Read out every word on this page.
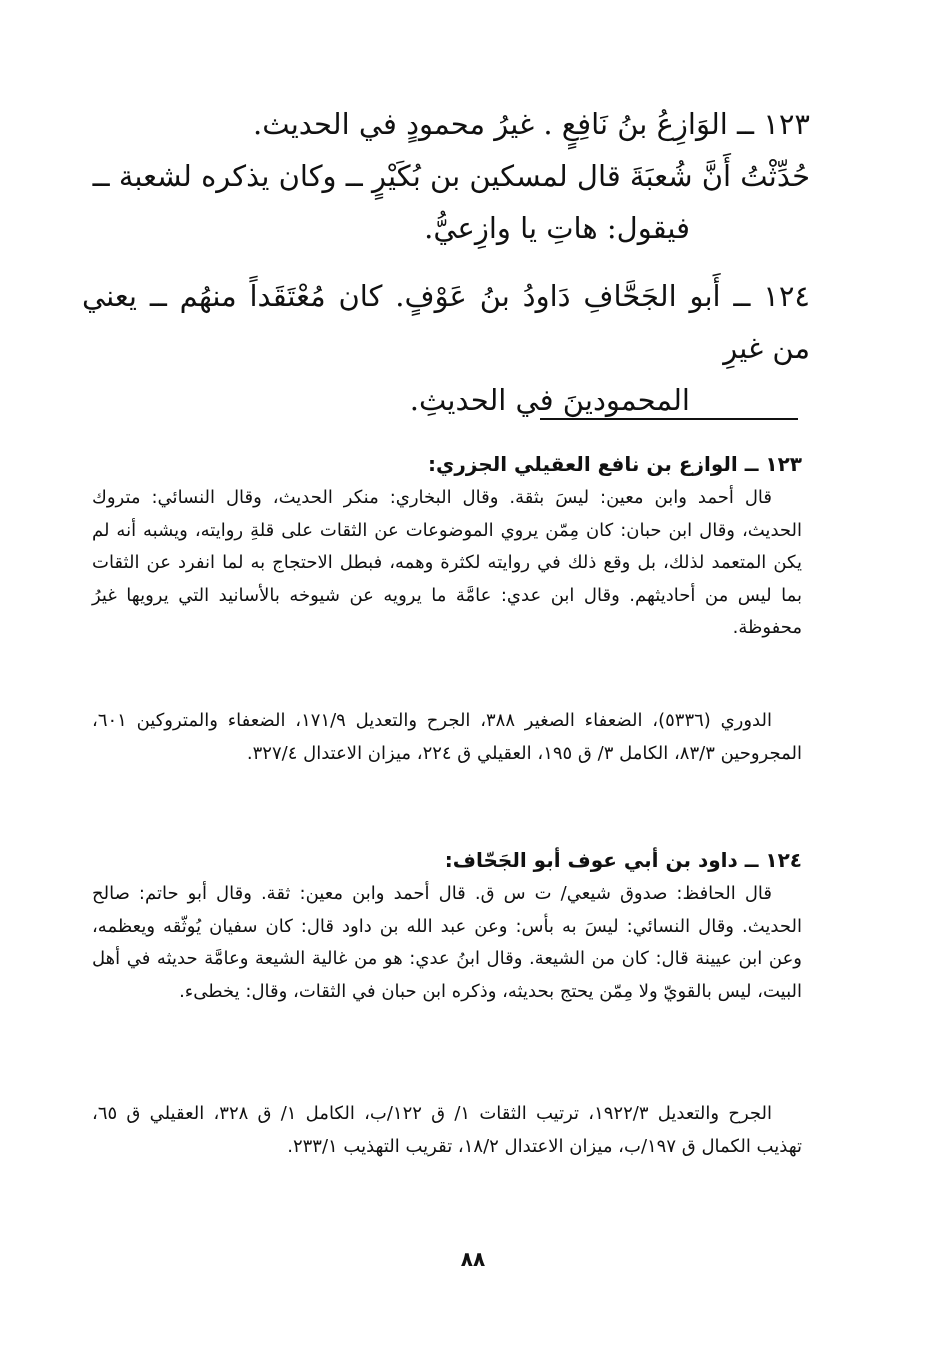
١٢٣ ــ الوَازِعُ بنُ نَافِعٍ . غيرُ محمودٍ في الحديث.

حُدِّثْتُ أَنَّ شُعبَةَ قال لمسكين بن بُكَيْرٍ ــ وكان يذكره لشعبة ــ

فيقول: هاتِ يا وازِعيُّ.

١٢٤ ــ أَبو الجَحَّافِ دَاودُ بنُ عَوْفٍ. كان مُعْتَقَداً منهُم ــ يعني من غيرِ

المحمودينَ في الحديثِ.

١٢٣ ــ الوازع بن نافع العقيلي الجزري:

قال أحمد وابن معين: ليسَ بثقة. وقال البخاري: منكر الحديث، وقال النسائي: متروك الحديث، وقال ابن حبان: كان مِمّن يروي الموضوعات عن الثقات على قلةِ روايته، ويشبه أنه لم يكن المتعمد لذلك، بل وقع ذلك في روايته لكثرة وهمه، فبطل الاحتجاج به لما انفرد عن الثقات بما ليس من أحاديثهم. وقال ابن عدي: عامَّة ما يرويه عن شيوخه بالأسانيد التي يرويها غيرُ محفوظة.

الدوري (٥٣٣٦)، الضعفاء الصغير ٣٨٨، الجرح والتعديل ١٧١/٩، الضعفاء والمتروكين ٦٠١، المجروحين ٨٣/٣، الكامل ٣/ ق ١٩٥، العقيلي ق ٢٢٤، ميزان الاعتدال ٣٢٧/٤.

١٢٤ ــ داود بن أبي عوف أبو الجَحّاف:

قال الحافظ: صدوق شيعي/ ت س ق. قال أحمد وابن معين: ثقة. وقال أبو حاتم: صالح الحديث. وقال النسائي: ليسَ به بأس: وعن عبد الله بن داود قال: كان سفيان يُوثّقه ويعظمه، وعن ابن عيينة قال: كان من الشيعة. وقال ابنُ عدي: هو من غالية الشيعة وعامَّة حديثه في أهل البيت، ليس بالقويّ ولا مِمّن يحتج بحديثه، وذكره ابن حبان في الثقات، وقال: يخطىء.

الجرح والتعديل ١٩٢٢/٣، ترتيب الثقات ١/ ق ١٢٢/ب، الكامل ١/ ق ٣٢٨، العقيلي ق ٦٥، تهذيب الكمال ق ١٩٧/ب، ميزان الاعتدال ١٨/٢، تقريب التهذيب ٢٣٣/١.

٨٨
